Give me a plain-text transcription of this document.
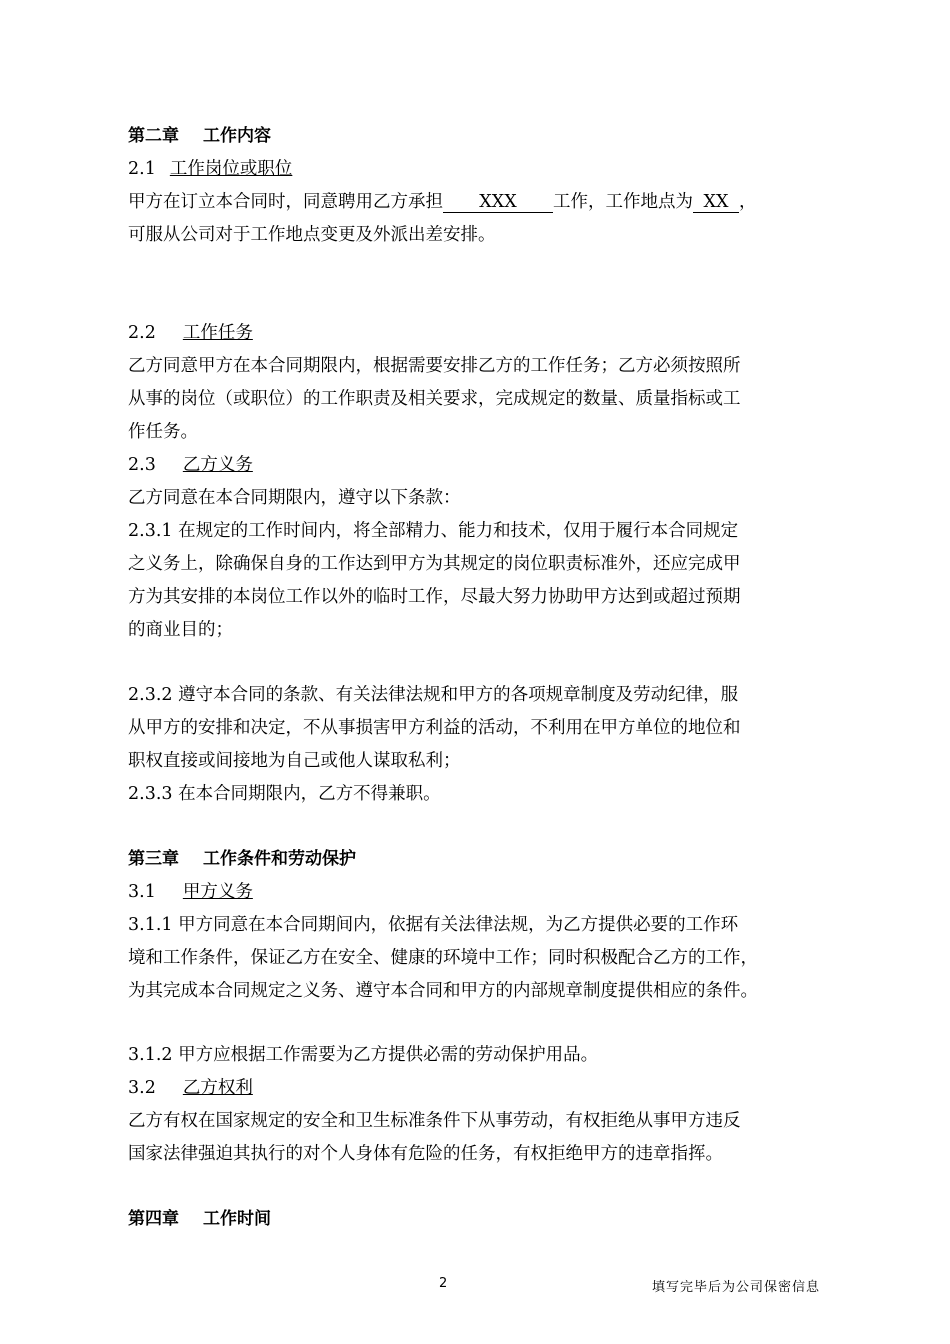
第二章 工作内容
2.1 工作岗位或职位
甲方在订立本合同时，同意聘用乙方承担 XXX 工作，工作地点为 XX ，
可服从公司对于工作地点变更及外派出差安排。
2.2 工作任务
乙方同意甲方在本合同期限内，根据需要安排乙方的工作任务；乙方必须按照所
从事的岗位（或职位）的工作职责及相关要求，完成规定的数量、质量指标或工
作任务。
2.3 乙方义务
乙方同意在本合同期限内，遵守以下条款：
2.3.1 在规定的工作时间内，将全部精力、能力和技术，仅用于履行本合同规定
之义务上，除确保自身的工作达到甲方为其规定的岗位职责标准外，还应完成甲
方为其安排的本岗位工作以外的临时工作，尽最大努力协助甲方达到或超过预期
的商业目的；
2.3.2 遵守本合同的条款、有关法律法规和甲方的各项规章制度及劳动纪律，服
从甲方的安排和决定，不从事损害甲方利益的活动，不利用在甲方单位的地位和
职权直接或间接地为自己或他人谋取私利；
2.3.3 在本合同期限内，乙方不得兼职。
第三章 工作条件和劳动保护
3.1 甲方义务
3.1.1 甲方同意在本合同期间内，依据有关法律法规，为乙方提供必要的工作环
境和工作条件，保证乙方在安全、健康的环境中工作；同时积极配合乙方的工作，
为其完成本合同规定之义务、遵守本合同和甲方的内部规章制度提供相应的条件。
3.1.2 甲方应根据工作需要为乙方提供必需的劳动保护用品。
3.2 乙方权利
乙方有权在国家规定的安全和卫生标准条件下从事劳动，有权拒绝从事甲方违反
国家法律强迫其执行的对个人身体有危险的任务，有权拒绝甲方的违章指挥。
第四章 工作时间
2	填写完毕后为公司保密信息
